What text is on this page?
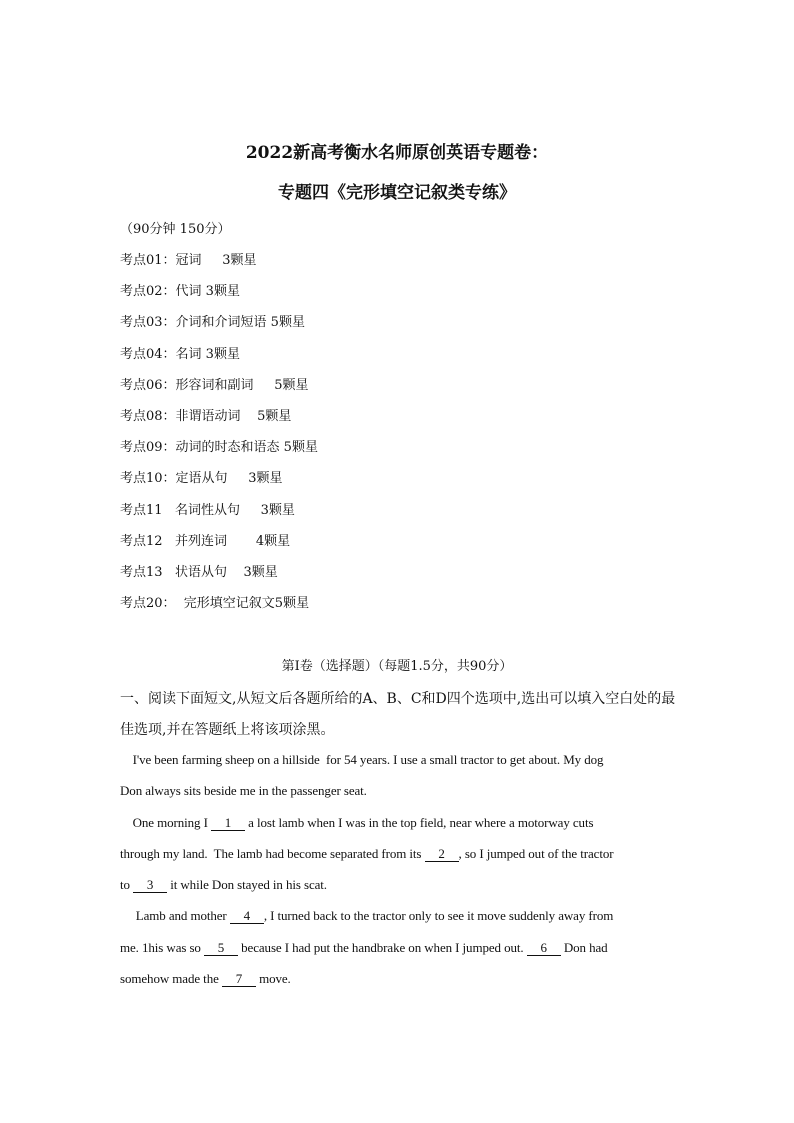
2022新高考衡水名师原创英语专题卷：
专题四《完形填空记叙类专练》

（90分钟 150分）

考点01：冠词     3颗星
考点02：代词 3颗星
考点03：介词和介词短语 5颗星
考点04：名词 3颗星
考点06：形容词和副词     5颗星
考点08：非谓语动词    5颗星
考点09：动词的时态和语态 5颗星
考点10：定语从句     3颗星
考点11   名词性从句     3颗星
考点12   并列连词       4颗星
考点13   状语从句    3颗星
考点20：  完形填空记叙文5颗星

第Ⅰ卷（选择题）（每题1.5分，共90分）

一、阅读下面短文,从短文后各题所给的A、B、C和D四个选项中,选出可以填入空白处的最佳选项,并在答题纸上将该项涂黑。

I've been farming sheep on a hillside  for 54 years. I use a small tractor to get about. My dog
Don always sits beside me in the passenger seat.
One morning I 1 a lost lamb when I was in the top field, near where a motorway cuts
through my land.  The lamb had become separated from its 2 , so I jumped out of the tractor
to 3 it while Don stayed in his scat.
Lamb and mother 4 , I turned back to the tractor only to see it move suddenly away from
me. 1his was so 5 because I had put the handbrake on when I jumped out. 6 Don had
somehow made the 7 move.
